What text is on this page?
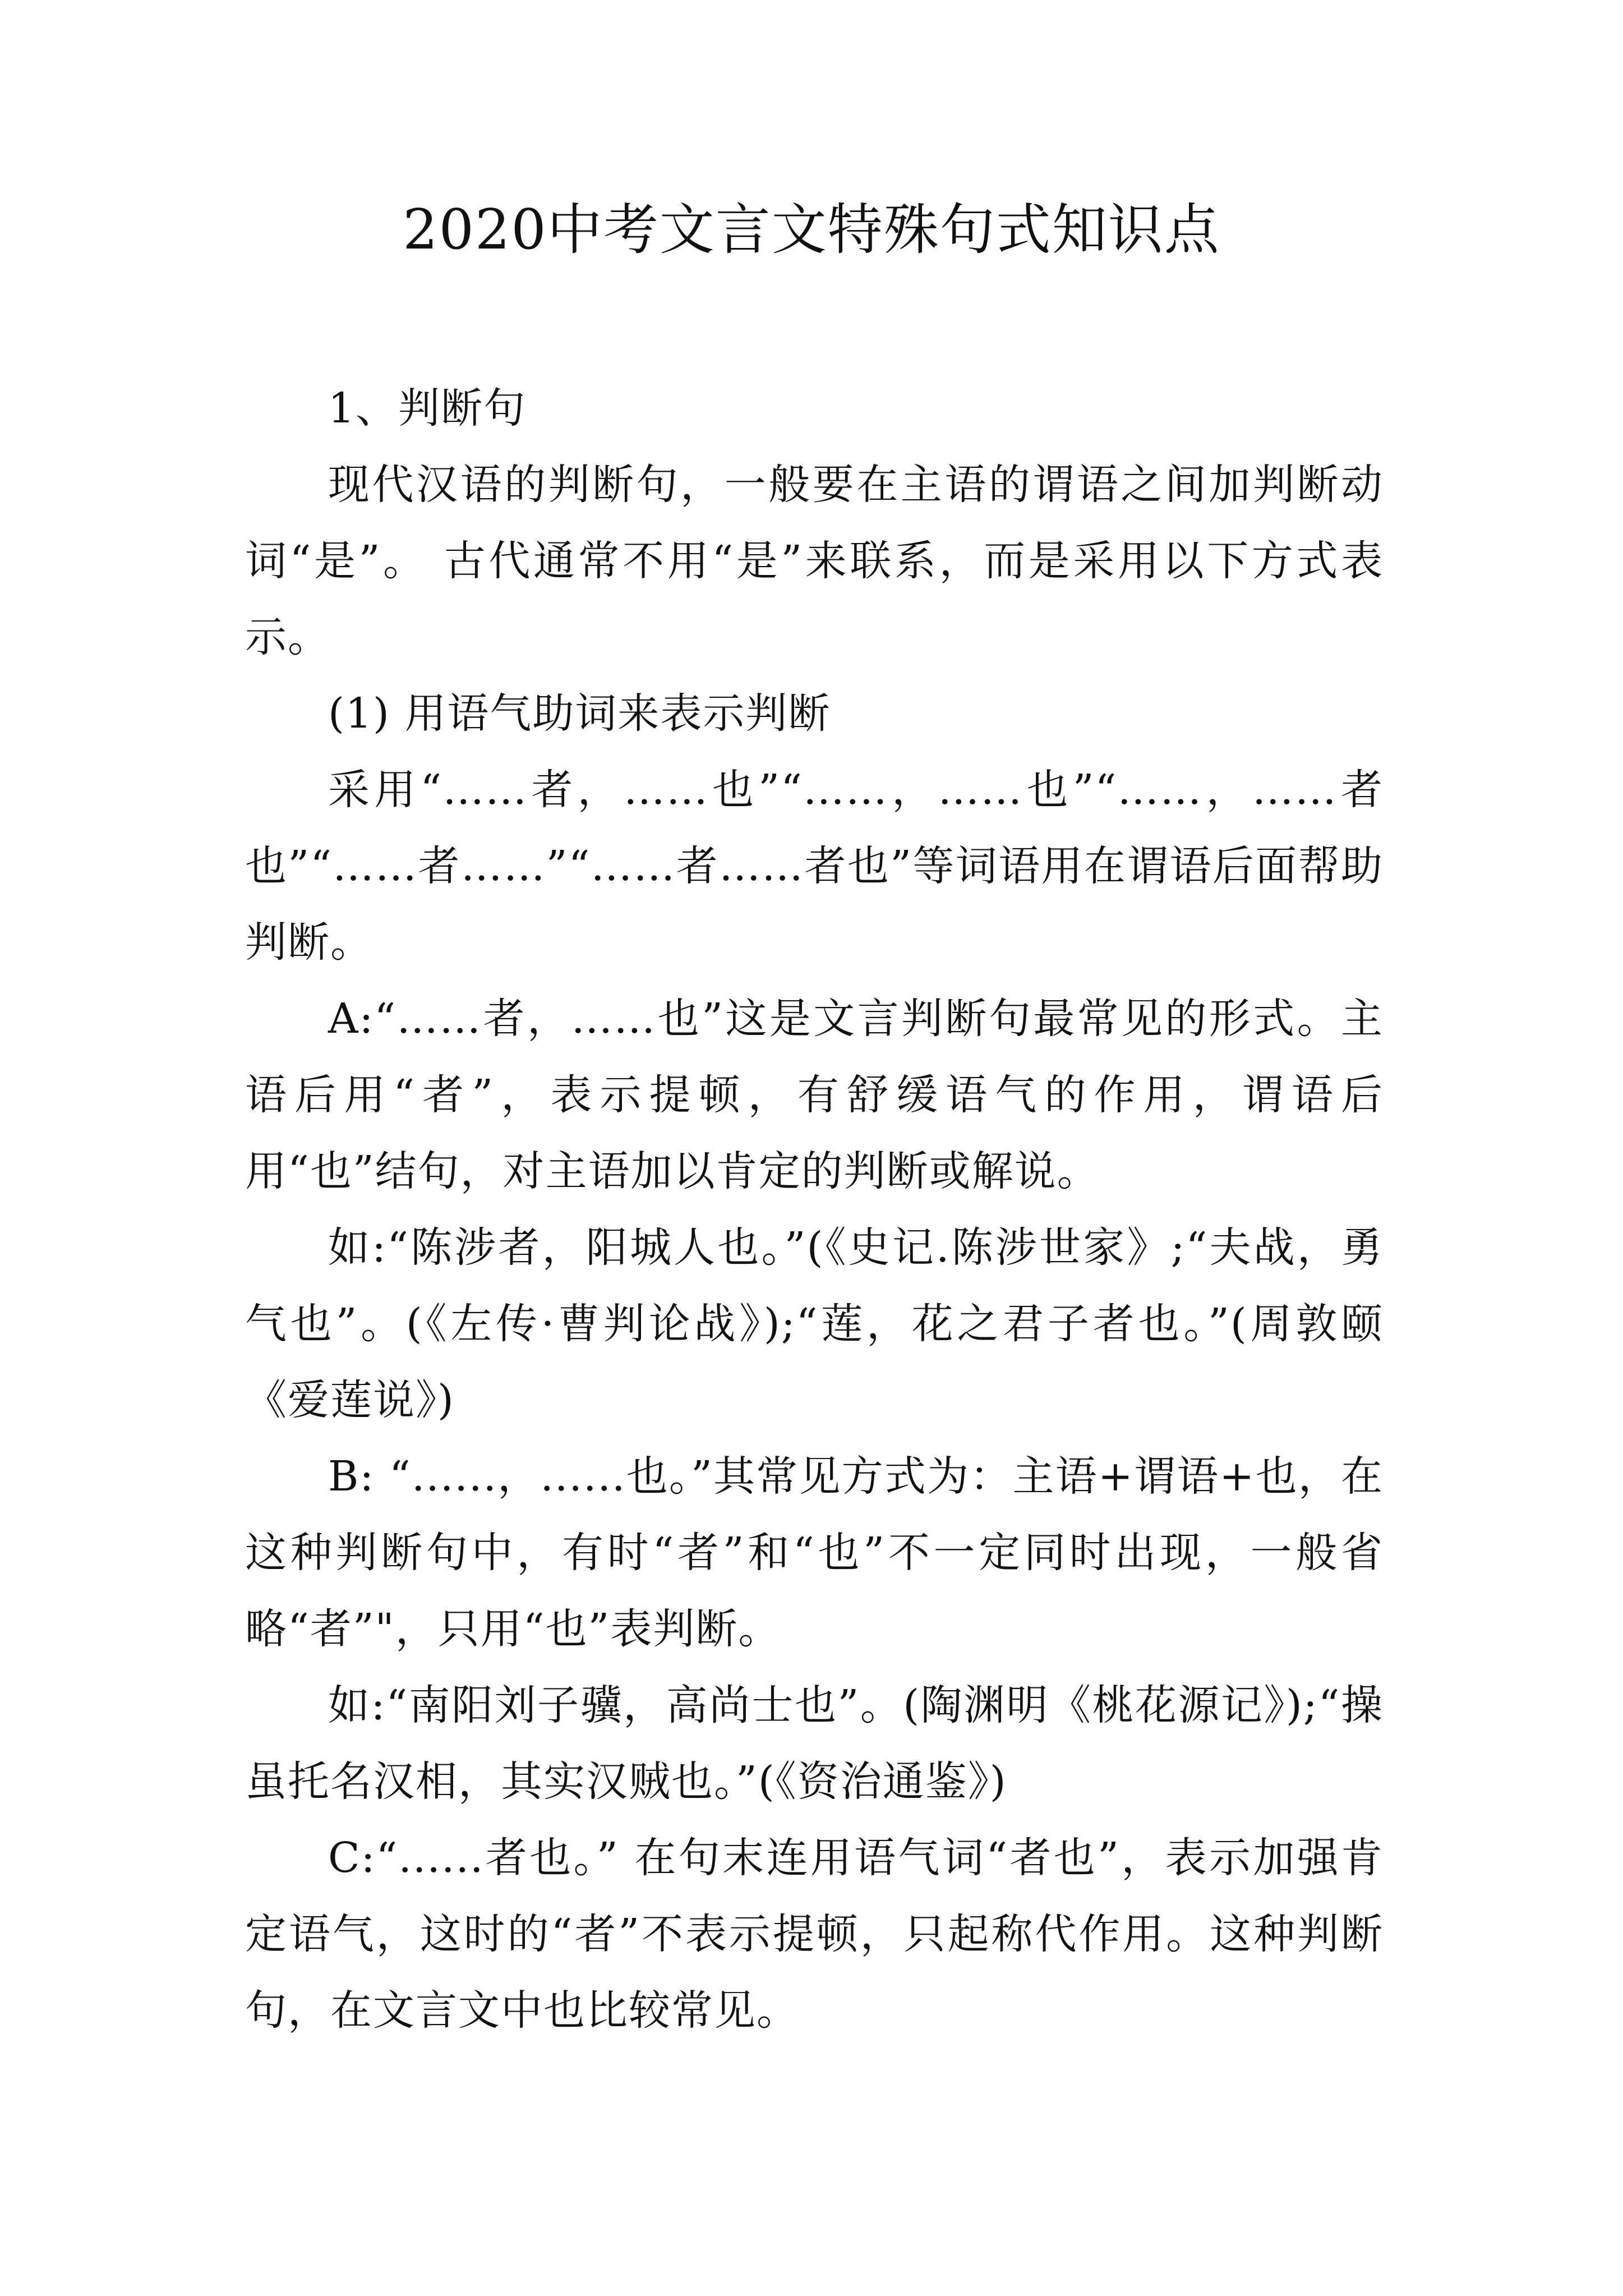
2020中考文言文特殊句式知识点

1、判断句

现代汉语的判断句，一般要在主语的谓语之间加判断动词“是”。 古代通常不用“是”来联系，而是采用以下方式表示。

(1) 用语气助词来表示判断

采用“……者，……也”“……，……也”“……，……者也”“……者……”“……者……者也”等词语用在谓语后面帮助判断。

A:“……者，……也”这是文言判断句最常见的形式。主语后用“者”，表示提顿，有舒缓语气的作用，谓语后用“也”结句，对主语加以肯定的判断或解说。

如:“陈涉者，阳城人也。”(《史记.陈涉世家》;“夫战，勇气也”。(《左传·曹判论战》);“莲，花之君子者也。”(周敦颐《爱莲说》)

B: “......，......也。”其常见方式为：主语+谓语+也，在这种判断句中，有时“者”和“也”不一定同时出现，一般省略“者”"，只用“也”表判断。

如:“南阳刘子骥，高尚士也”。(陶渊明《桃花源记》);“操虽托名汉相，其实汉贼也。”(《资治通鉴》)

C:“......者也。” 在句末连用语气词“者也”，表示加强肯定语气，这时的“者”不表示提顿，只起称代作用。这种判断句，在文言文中也比较常见。
